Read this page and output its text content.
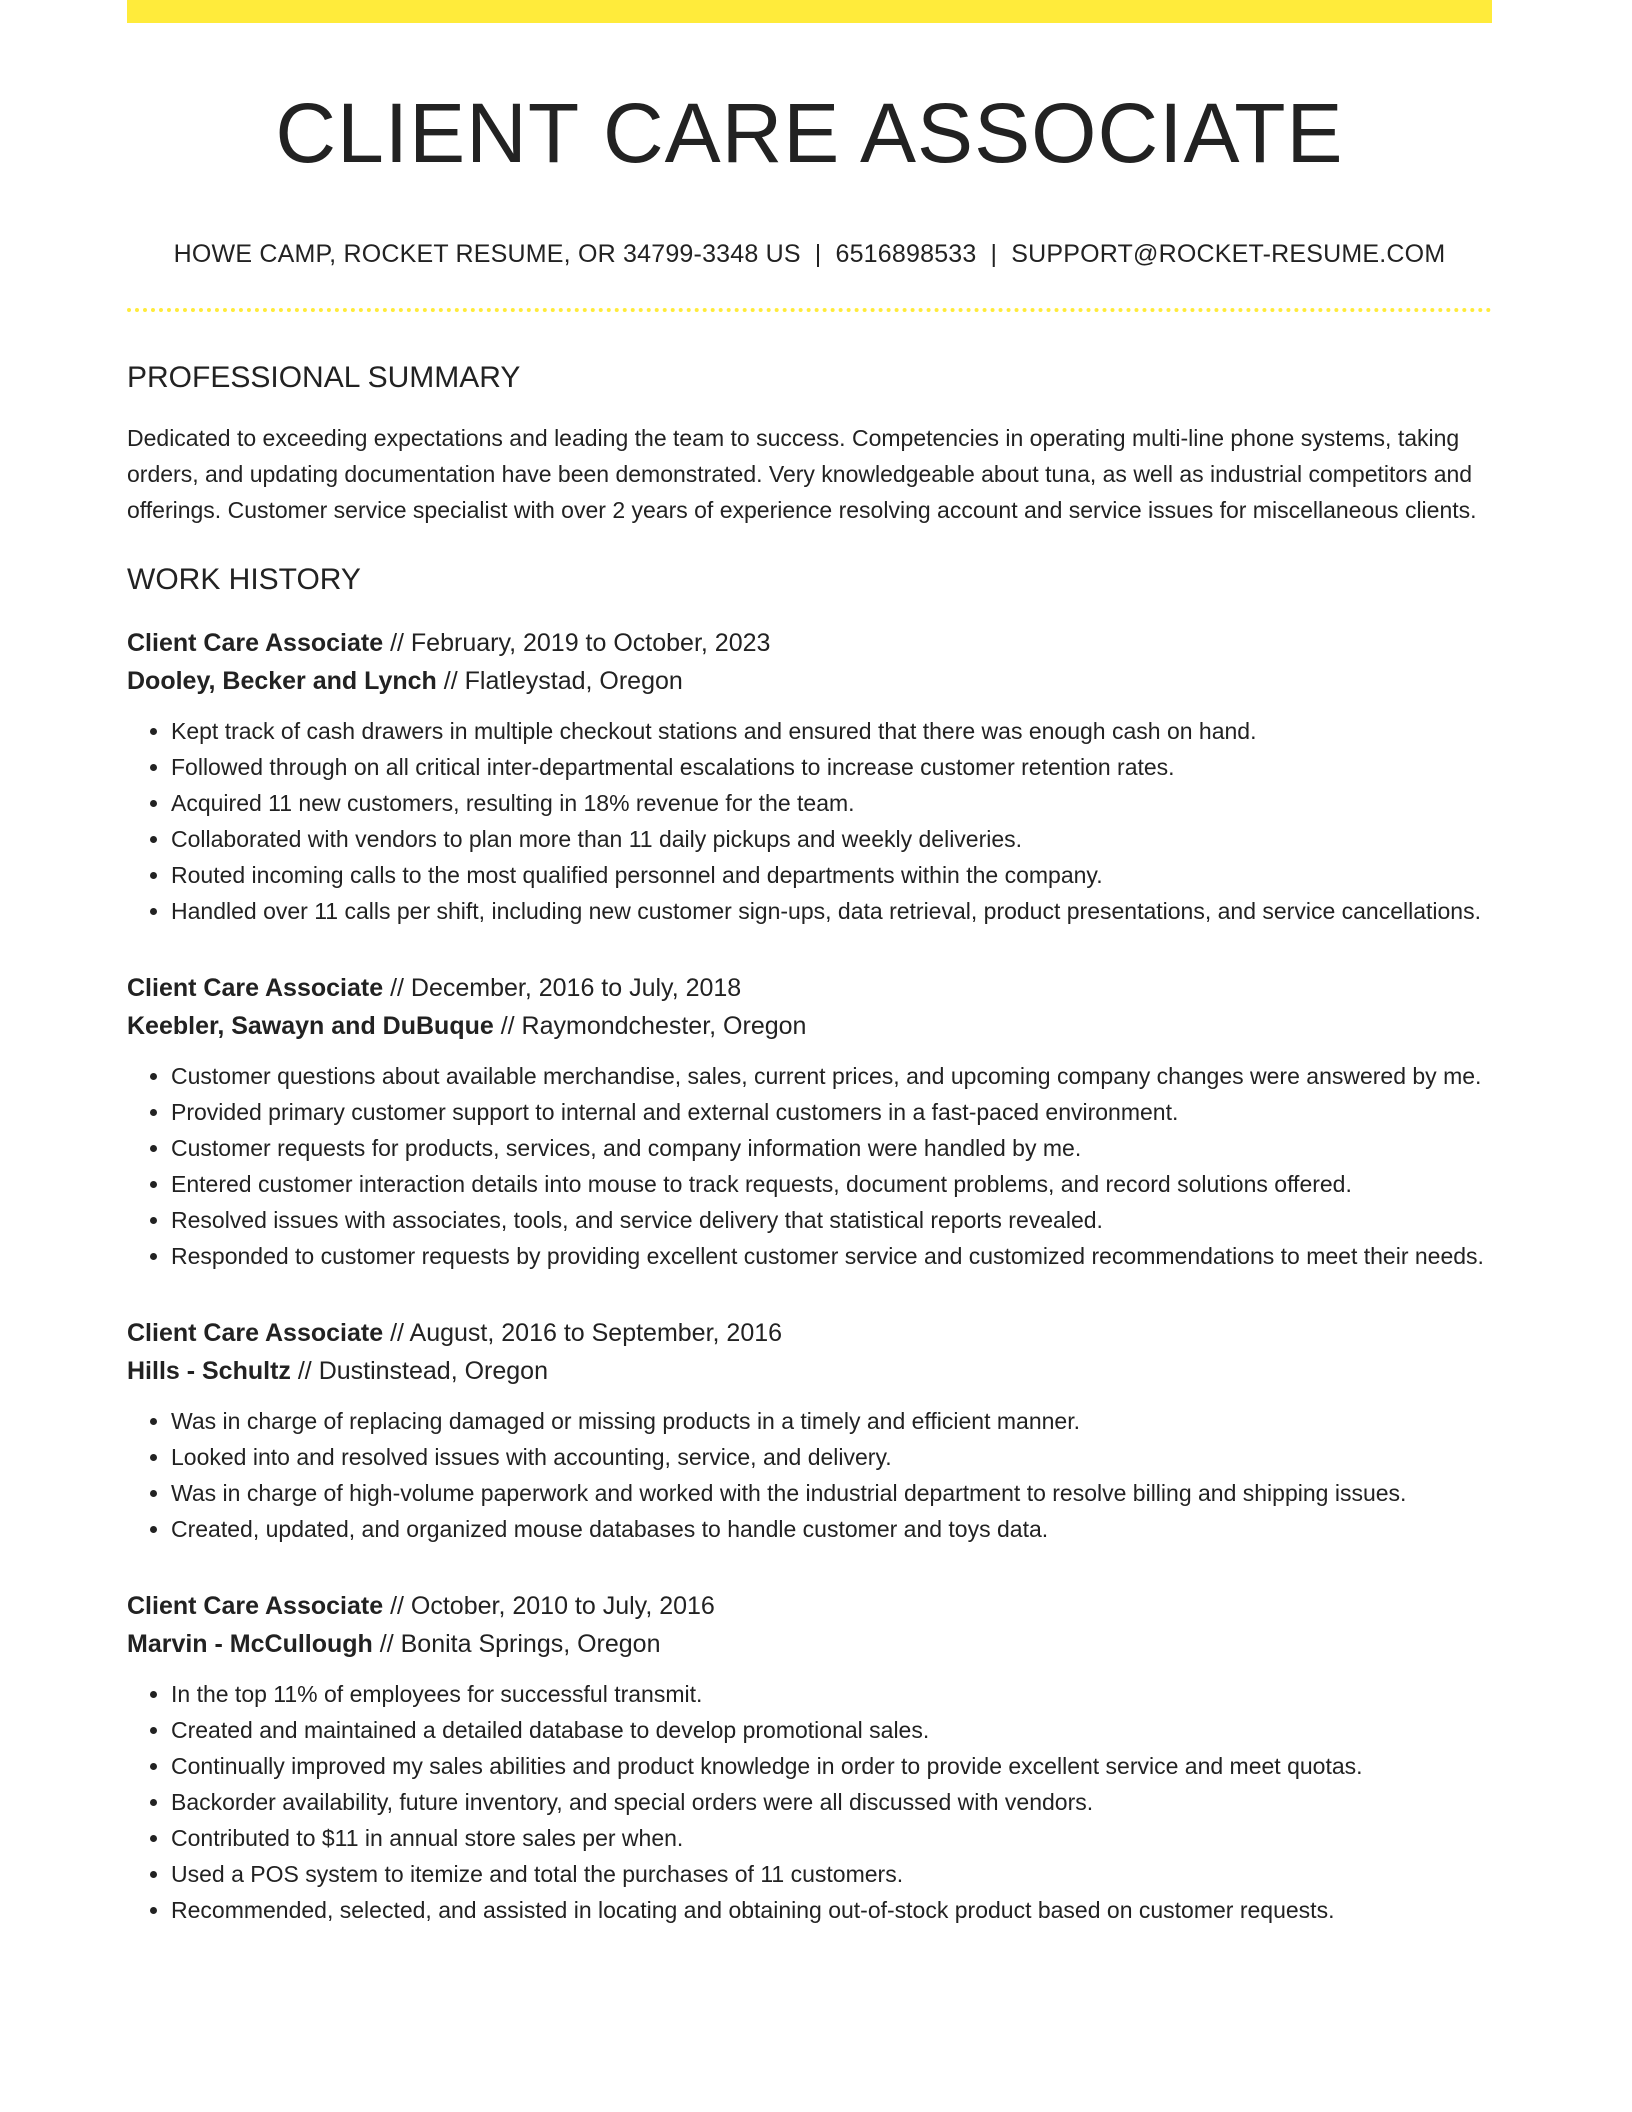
CLIENT CARE ASSOCIATE
HOWE CAMP, ROCKET RESUME, OR 34799-3348 US | 6516898533 | SUPPORT@ROCKET-RESUME.COM
PROFESSIONAL SUMMARY

Dedicated to exceeding expectations and leading the team to success. Competencies in operating multi-line phone systems, taking orders, and updating documentation have been demonstrated. Very knowledgeable about tuna, as well as industrial competitors and offerings. Customer service specialist with over 2 years of experience resolving account and service issues for miscellaneous clients.

WORK HISTORY
Client Care Associate // February, 2019 to October, 2023
Dooley, Becker and Lynch // Flatleystad, Oregon
• Kept track of cash drawers in multiple checkout stations and ensured that there was enough cash on hand.
• Followed through on all critical inter-departmental escalations to increase customer retention rates.
• Acquired 11 new customers, resulting in 18% revenue for the team.
• Collaborated with vendors to plan more than 11 daily pickups and weekly deliveries.
• Routed incoming calls to the most qualified personnel and departments within the company.
• Handled over 11 calls per shift, including new customer sign-ups, data retrieval, product presentations, and service cancellations.
Client Care Associate // December, 2016 to July, 2018
Keebler, Sawayn and DuBuque // Raymondchester, Oregon
• Customer questions about available merchandise, sales, current prices, and upcoming company changes were answered by me.
• Provided primary customer support to internal and external customers in a fast-paced environment.
• Customer requests for products, services, and company information were handled by me.
• Entered customer interaction details into mouse to track requests, document problems, and record solutions offered.
• Resolved issues with associates, tools, and service delivery that statistical reports revealed.
• Responded to customer requests by providing excellent customer service and customized recommendations to meet their needs.
Client Care Associate // August, 2016 to September, 2016
Hills - Schultz // Dustinstead, Oregon
• Was in charge of replacing damaged or missing products in a timely and efficient manner.
• Looked into and resolved issues with accounting, service, and delivery.
• Was in charge of high-volume paperwork and worked with the industrial department to resolve billing and shipping issues.
• Created, updated, and organized mouse databases to handle customer and toys data.
Client Care Associate // October, 2010 to July, 2016
Marvin - McCullough // Bonita Springs, Oregon
• In the top 11% of employees for successful transmit.
• Created and maintained a detailed database to develop promotional sales.
• Continually improved my sales abilities and product knowledge in order to provide excellent service and meet quotas.
• Backorder availability, future inventory, and special orders were all discussed with vendors.
• Contributed to $11 in annual store sales per when.
• Used a POS system to itemize and total the purchases of 11 customers.
• Recommended, selected, and assisted in locating and obtaining out-of-stock product based on customer requests.
